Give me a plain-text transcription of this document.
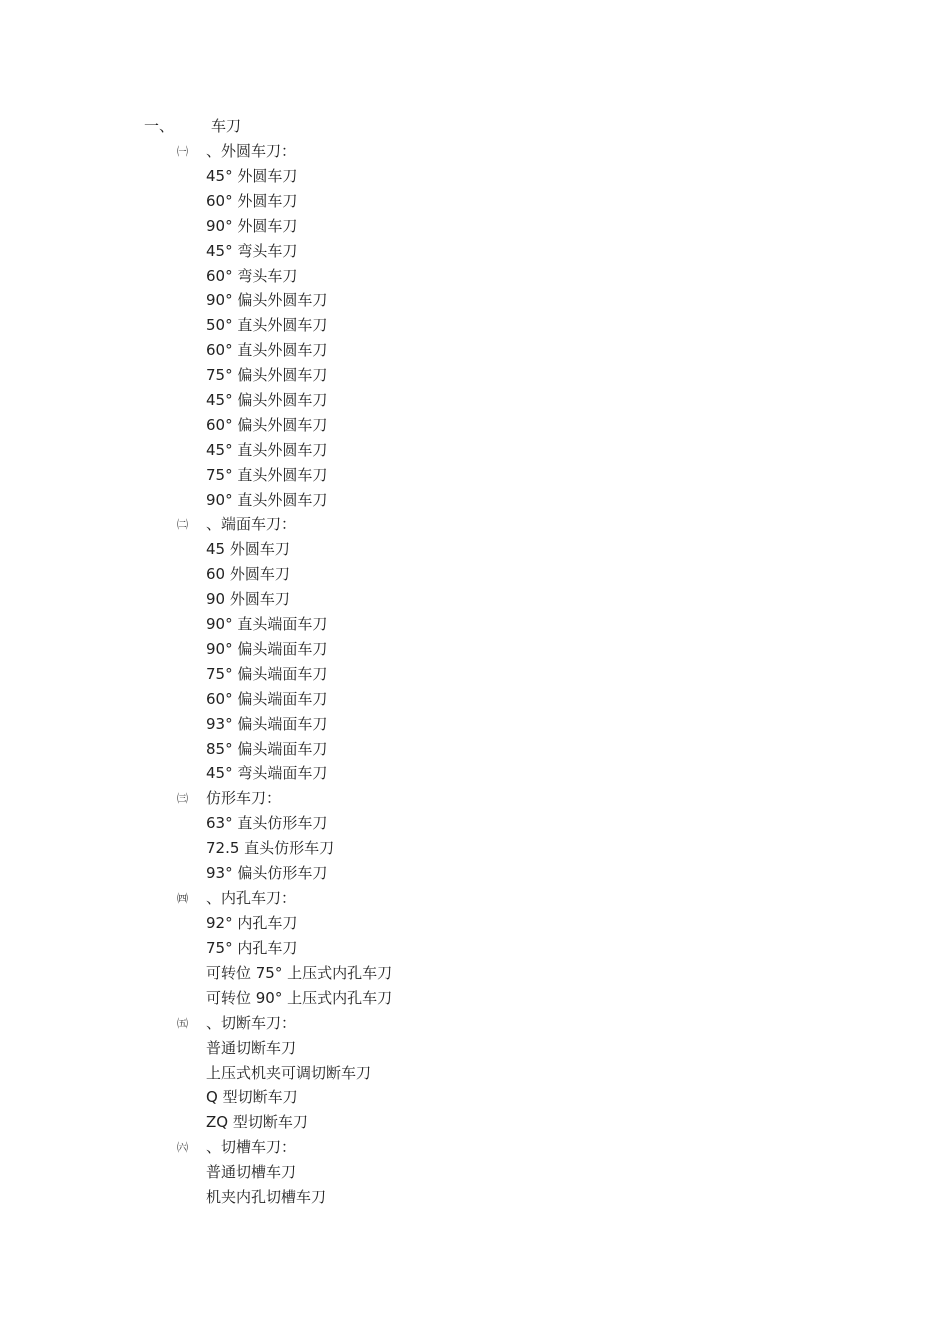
一、 车刀
㈠ 、外圆车刀：
45° 外圆车刀
60° 外圆车刀
90° 外圆车刀
45° 弯头车刀
60° 弯头车刀
90° 偏头外圆车刀
50° 直头外圆车刀
60° 直头外圆车刀
75° 偏头外圆车刀
45° 偏头外圆车刀
60° 偏头外圆车刀
45° 直头外圆车刀
75° 直头外圆车刀
90° 直头外圆车刀
㈡ 、端面车刀：
45 外圆车刀
60 外圆车刀
90 外圆车刀
90° 直头端面车刀
90° 偏头端面车刀
75° 偏头端面车刀
60° 偏头端面车刀
93° 偏头端面车刀
85° 偏头端面车刀
45° 弯头端面车刀
㈢ 仿形车刀：
63° 直头仿形车刀
72.5 直头仿形车刀
93° 偏头仿形车刀
㈣ 、内孔车刀：
92° 内孔车刀
75° 内孔车刀
可转位 75° 上压式内孔车刀
可转位 90° 上压式内孔车刀
㈤ 、切断车刀：
普通切断车刀
上压式机夹可调切断车刀
Q 型切断车刀
ZQ 型切断车刀
㈥ 、切槽车刀：
普通切槽车刀
机夹内孔切槽车刀
